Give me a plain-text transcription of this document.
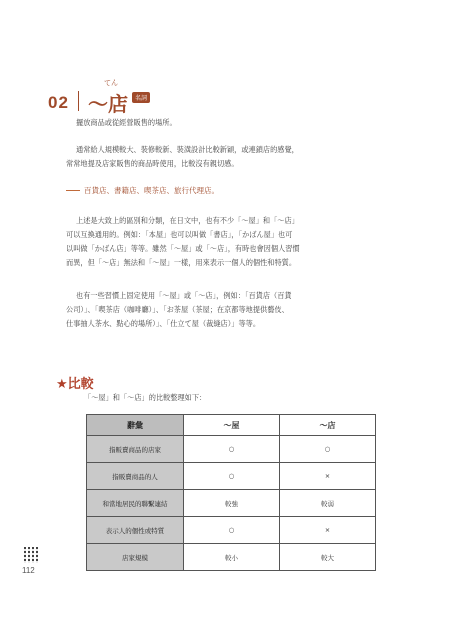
02
てん
～店	名詞
擺放商品或從經營販售的場所。
通常給人規模較大、裝修較新、裝潢設計比較新穎，或連鎖店的感覺，
常常地提及店家販售的商品時使用，比較沒有親切感。
百貨店、書籍店、喫茶店、旅行代理店。
上述是大致上的區別和分類，在日文中，也有不少「～屋」和「～店」
可以互換通用的。例如：「本屋」也可以叫做「書店」，「かばん屋」也可
以叫做「かばん店」等等。雖然「～屋」或「～店」，有時也會因個人習慣
而異，但「～店」無法和「～屋」一樣，用來表示一個人的個性和特質。
也有一些習慣上固定使用「～屋」或「～店」，例如：「百貨店（百貨
公司）」、「喫茶店（咖啡廳）」、「お茶屋（茶屋；在京都等地提供藝伎、
仕事抽人茶水、點心的場所）」、「仕立て屋（裁縫店）」等等。
★比較
「～屋」和「～店」的比較整理如下：
辭彙	～屋	～店
指販賣商品的店家	○	○
指販賣商品的人	○	×
和當地居民的聯繫連結	較強	較弱
表示人的個性或特質	○	×
店家規模	較小	較大
112
